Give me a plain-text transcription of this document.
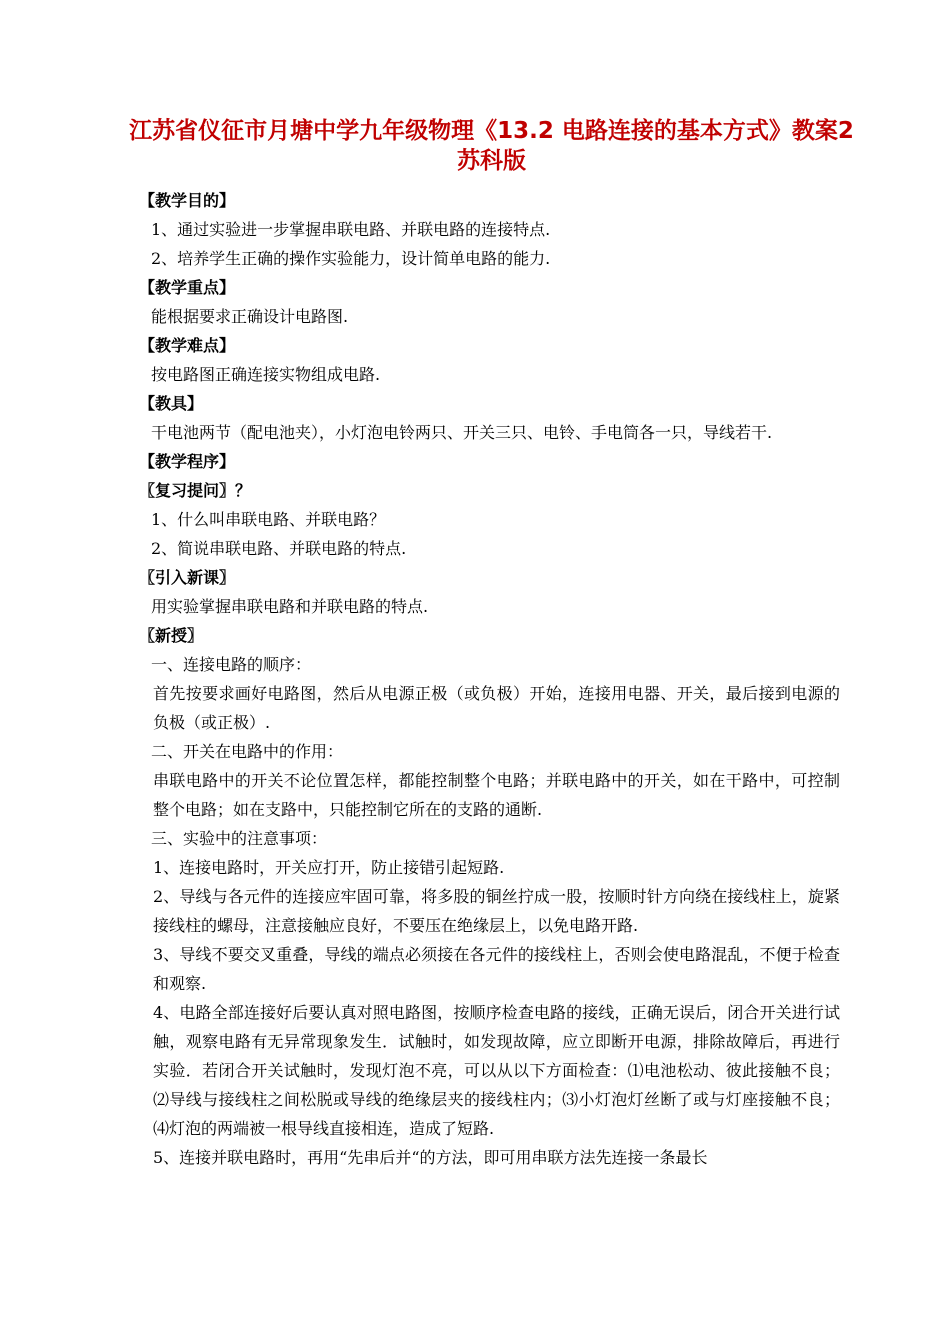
江苏省仪征市月塘中学九年级物理《13.2 电路连接的基本方式》教案2 苏科版
【教学目的】
1、通过实验进一步掌握串联电路、并联电路的连接特点.
2、培养学生正确的操作实验能力，设计简单电路的能力.
【教学重点】
能根据要求正确设计电路图.
【教学难点】
按电路图正确连接实物组成电路.
【教具】
干电池两节（配电池夹），小灯泡电铃两只、开关三只、电铃、手电筒各一只，导线若干.
【教学程序】
〖复习提问〗？
1、什么叫串联电路、并联电路？
2、简说串联电路、并联电路的特点.
〖引入新课〗
用实验掌握串联电路和并联电路的特点.
〖新授〗
一、连接电路的顺序：
首先按要求画好电路图，然后从电源正极（或负极）开始，连接用电器、开关，最后接到电源的负极（或正极）.
二、开关在电路中的作用：
串联电路中的开关不论位置怎样，都能控制整个电路；并联电路中的开关，如在干路中，可控制整个电路；如在支路中，只能控制它所在的支路的通断.
三、实验中的注意事项：
1、连接电路时，开关应打开，防止接错引起短路.
2、导线与各元件的连接应牢固可靠，将多股的铜丝拧成一股，按顺时针方向绕在接线柱上，旋紧接线柱的螺母，注意接触应良好，不要压在绝缘层上，以免电路开路.
3、导线不要交叉重叠，导线的端点必须接在各元件的接线柱上，否则会使电路混乱，不便于检查和观察.
4、电路全部连接好后要认真对照电路图，按顺序检查电路的接线，正确无误后，闭合开关进行试触，观察电路有无异常现象发生．试触时，如发现故障，应立即断开电源，排除故障后，再进行实验．若闭合开关试触时，发现灯泡不亮，可以从以下方面检查：⑴电池松动、彼此接触不良；⑵导线与接线柱之间松脱或导线的绝缘层夹的接线柱内；⑶小灯泡灯丝断了或与灯座接触不良；⑷灯泡的两端被一根导线直接相连，造成了短路.
5、连接并联电路时，再用“先串后并“的方法，即可用串联方法先连接一条最长
